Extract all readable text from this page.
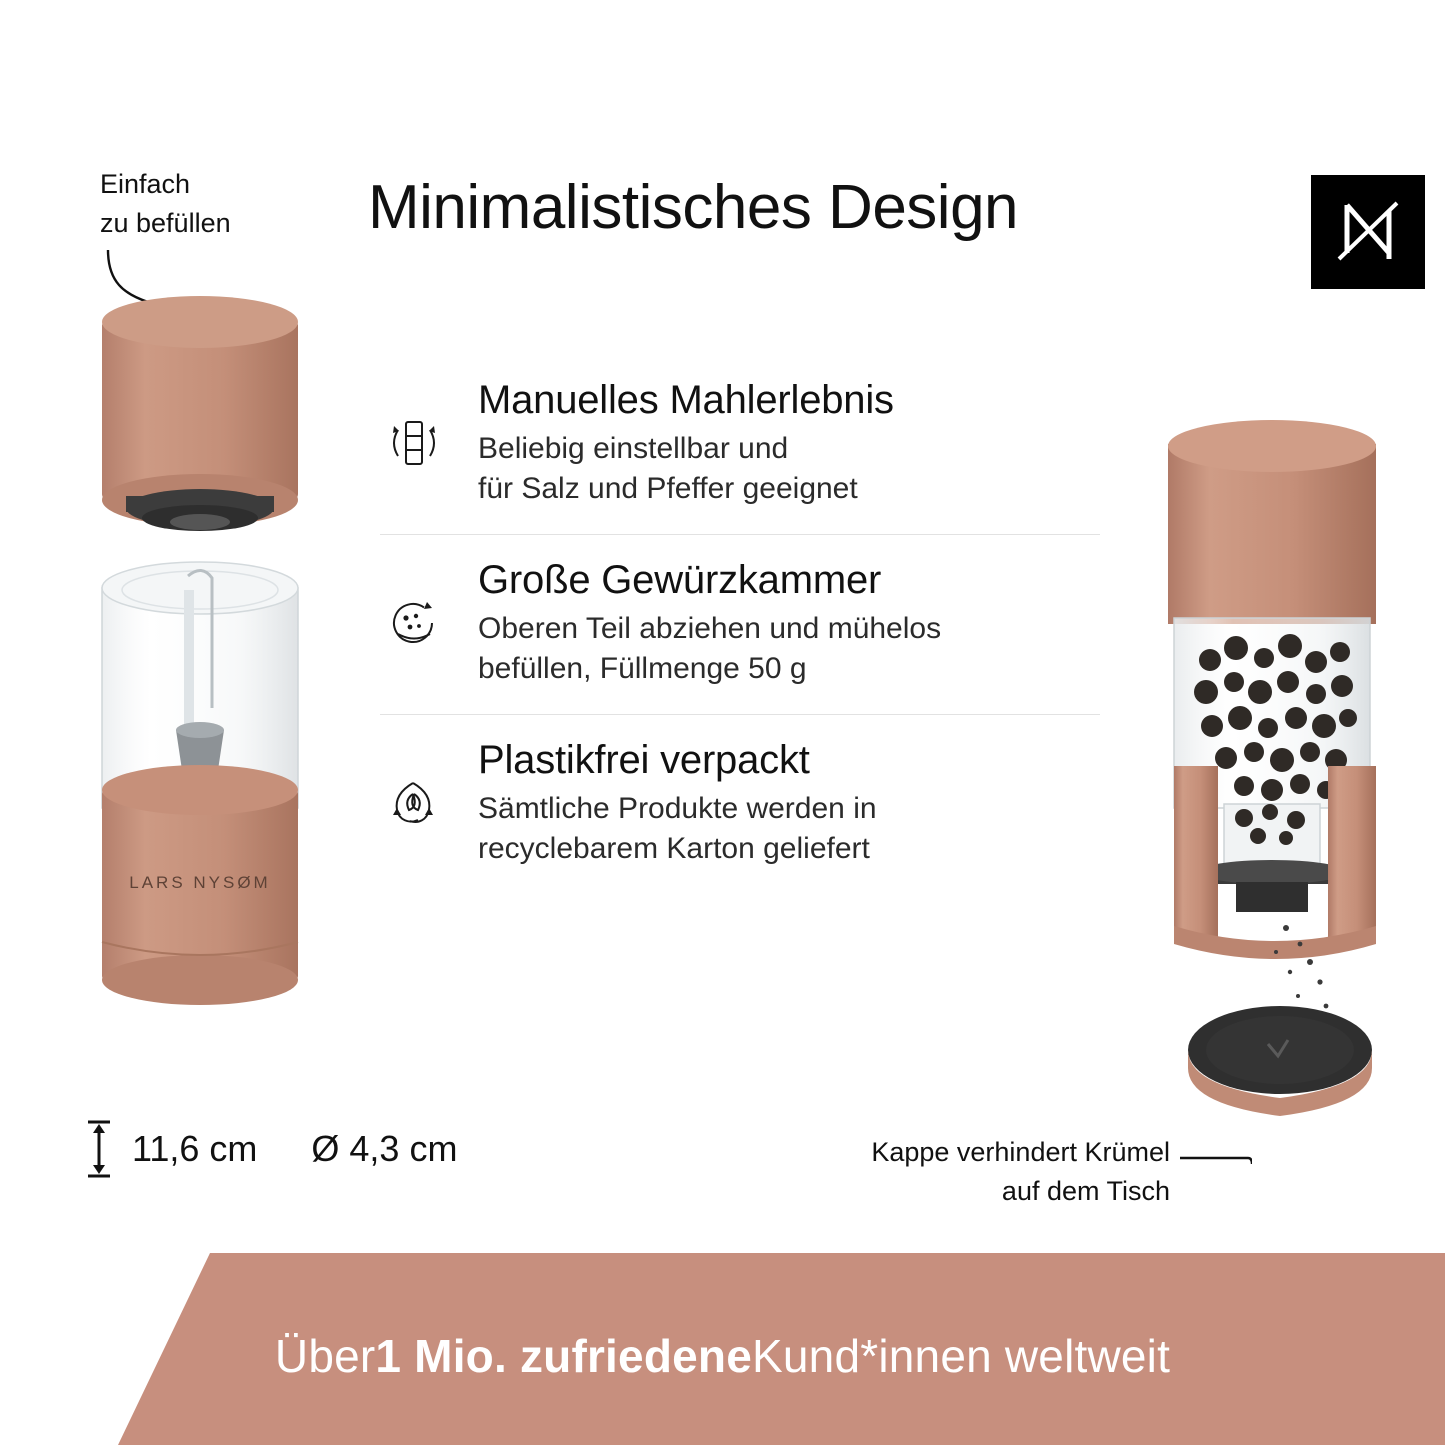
Minimalistisches Design
Einfach
zu befüllen
LARS NYSØM
Manuelles Mahlerlebnis
Beliebig einstellbar und
für Salz und Pfeffer geeignet
Große Gewürzkammer
Oberen Teil abziehen und mühelos
befüllen, Füllmenge 50 g
Plastikfrei verpackt
Sämtliche Produkte werden in
recyclebarem Karton geliefert
11,6 cm Ø 4,3 cm	Kappe verhindert Krümel
auf dem Tisch
Über 1 Mio. zufriedene Kund*innen weltweit
